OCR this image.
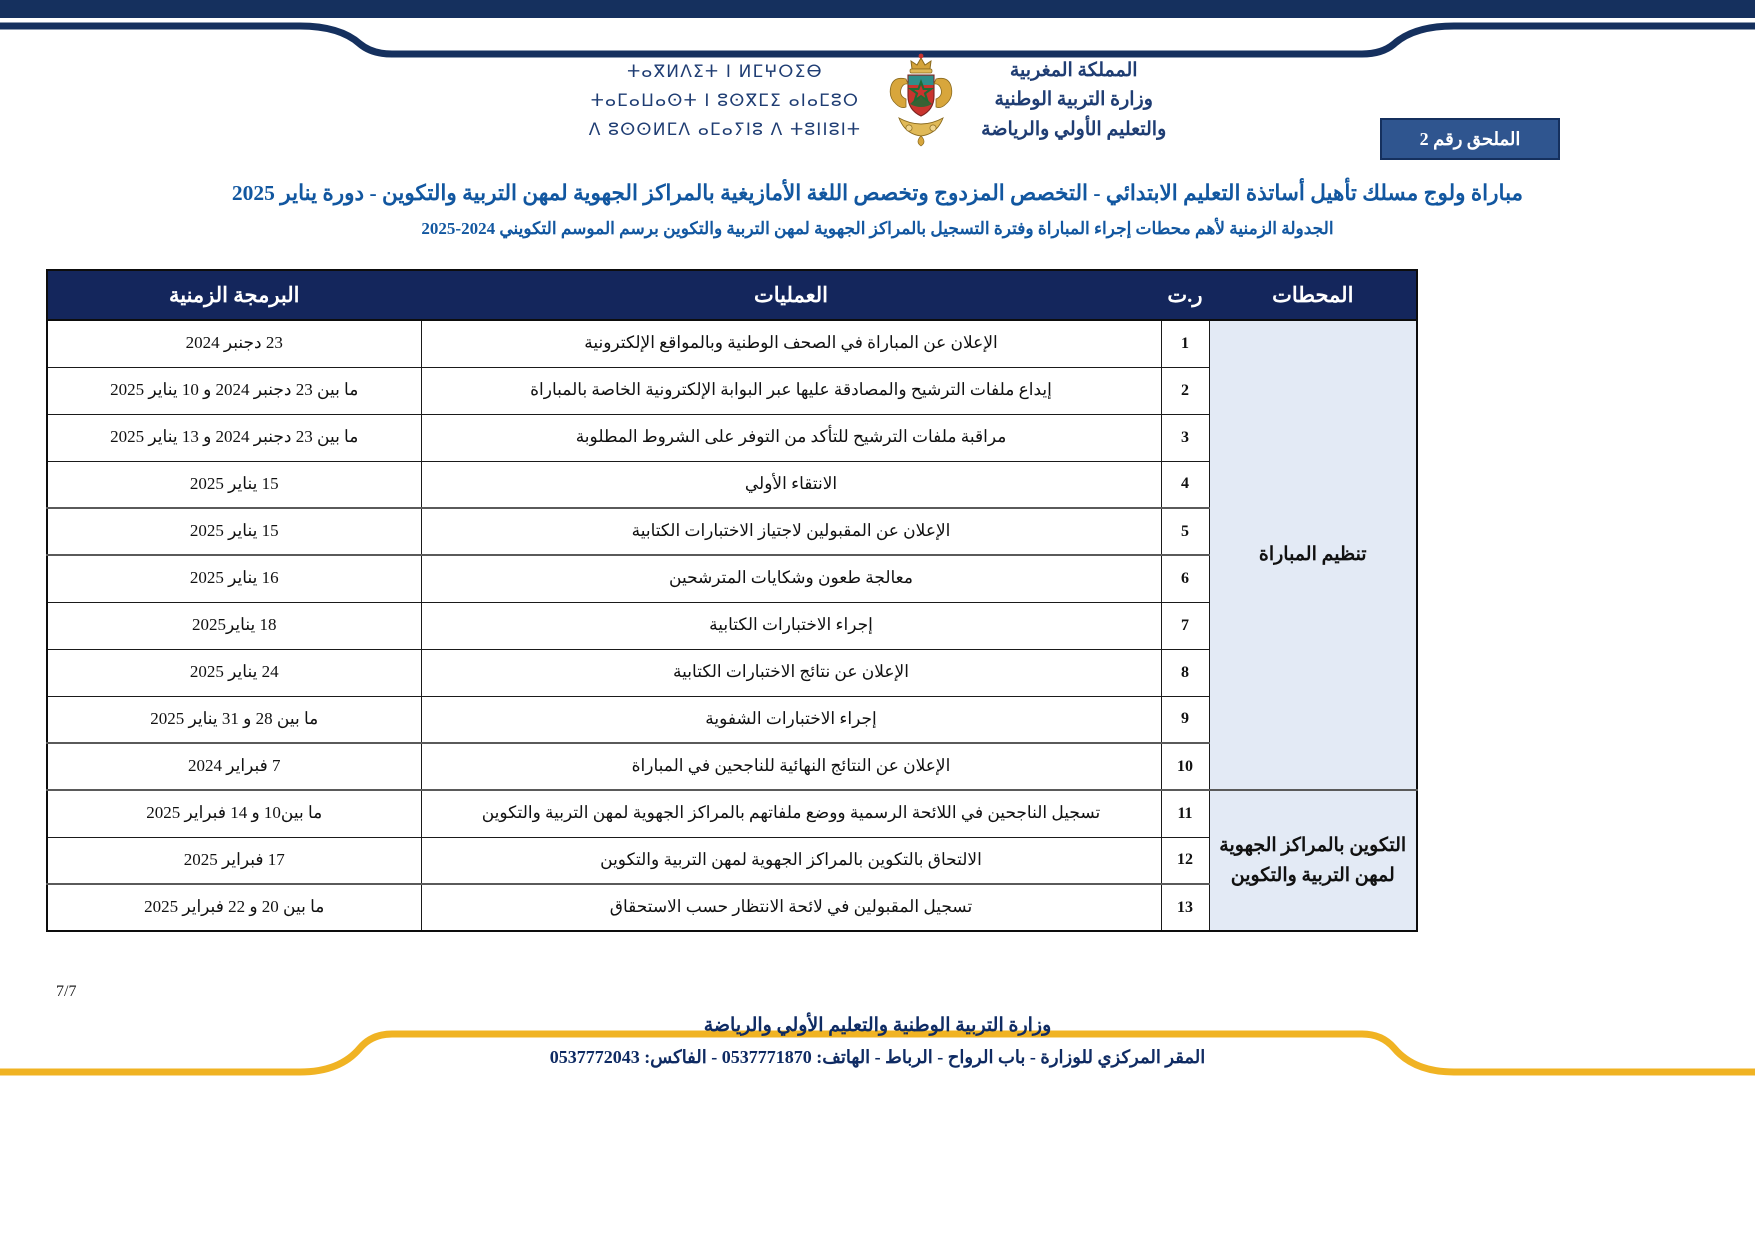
المملكة المغربية
وزارة التربية الوطنية
والتعليم الأولي والرياضة
ⵜⴰⴳⵍⴷⵉⵜ ⵏ ⵍⵎⵖⵔⵉⴱ
ⵜⴰⵎⴰⵡⴰⵙⵜ ⵏ ⵓⵙⴳⵎⵉ ⴰⵏⴰⵎⵓⵔ
ⴷ ⵓⵙⵙⵍⵎⴷ ⴰⵎⴰⵢⵏⵓ ⴷ ⵜⵓⵏⵏⵓⵏⵜ	الملحق رقم 2
مباراة ولوج مسلك تأهيل أساتذة التعليم الابتدائي - التخصص المزدوج وتخصص اللغة الأمازيغية بالمراكز الجهوية لمهن التربية والتكوين - دورة يناير 2025
الجدولة الزمنية لأهم محطات إجراء المباراة وفترة التسجيل بالمراكز الجهوية لمهن التربية والتكوين برسم الموسم التكويني 2024-2025
المحطات	ر.ت	العمليات	البرمجة الزمنية
تنظيم المباراة	1	الإعلان عن المباراة في الصحف الوطنية وبالمواقع الإلكترونية	23 دجنبر 2024
	2	إيداع ملفات الترشيح والمصادقة عليها عبر البوابة الإلكترونية الخاصة بالمباراة	ما بين 23 دجنبر 2024 و 10 يناير 2025
	3	مراقبة ملفات الترشيح للتأكد من التوفر على الشروط المطلوبة	ما بين 23 دجنبر 2024 و 13 يناير 2025
	4	الانتقاء الأولي	15 يناير 2025
	5	الإعلان عن المقبولين لاجتياز الاختبارات الكتابية	15 يناير 2025
	6	معالجة طعون وشكايات المترشحين	16 يناير 2025
	7	إجراء الاختبارات الكتابية	18 يناير2025
	8	الإعلان عن نتائج الاختبارات الكتابية	24 يناير 2025
	9	إجراء الاختبارات الشفوية	ما بين 28 و 31 يناير 2025
	10	الإعلان عن النتائج النهائية للناجحين في المباراة	7 فبراير 2024
التكوين بالمراكز الجهوية لمهن التربية والتكوين	11	تسجيل الناجحين في اللائحة الرسمية ووضع ملفاتهم بالمراكز الجهوية لمهن التربية والتكوين	ما بين10 و 14 فبراير 2025
	12	الالتحاق بالتكوين بالمراكز الجهوية لمهن التربية والتكوين	17 فبراير 2025
	13	تسجيل المقبولين في لائحة الانتظار حسب الاستحقاق	ما بين 20 و 22 فبراير 2025
7/7
وزارة التربية الوطنية والتعليم الأولي والرياضة
المقر المركزي للوزارة - باب الرواح - الرباط - الهاتف: 0537771870 - الفاكس: 0537772043
